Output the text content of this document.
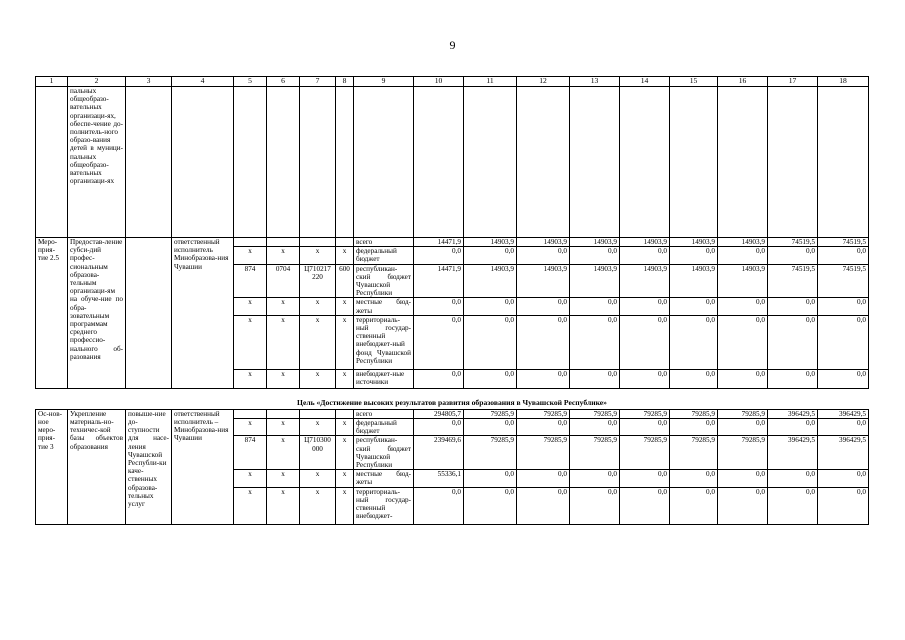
9
1	2	3	4	5	6	7	8	9	10	11	12	13	14	15	16	17	18
	пальных общеобразо-вательных организаци-ях, обеспе-чение до-полнитель-ного образо-вания детей в муници-пальных общеобразо-вательных организаци-ях																
Меро-прия-тие 2.5	Предостав-ление субси-дий профес-сиональным образова-тельным организаци-ям на обуче-ние по обра-зовательным программам среднего профессио-нального об-разования		ответственный исполнитель Минобразова-ния Чувашии					всего	14471,9	14903,9	14903,9	14903,9	14903,9	14903,9	14903,9	74519,5	74519,5
				x	x	x	x	федеральный бюджет	0,0	0,0	0,0	0,0	0,0	0,0	0,0	0,0	0,0
				874	0704	Ц710217 220	600	республикан-ский бюджет Чувашской Республики	14471,9	14903,9	14903,9	14903,9	14903,9	14903,9	14903,9	74519,5	74519,5
				x	x	x	x	местные бюд-жеты	0,0	0,0	0,0	0,0	0,0	0,0	0,0	0,0	0,0
				x	x	x	x	территориаль-ный государ-ственный внебюджет-ный фонд Чувашской Республики	0,0	0,0	0,0	0,0	0,0	0,0	0,0	0,0	0,0
				x	x	x	x	внебюджет-ные источники	0,0	0,0	0,0	0,0	0,0	0,0	0,0	0,0	0,0
Цель «Достижение высоких результатов развития образования в Чувашской Республике»																	
Ос-нов-ное меро-прия-тие 3	Укрепление материаль-но-техничес-кой базы объектов образования	повыше-ние до-ступности для насе-ления Чувашской Республи-ки каче-ственных образова-тельных услуг	ответственный исполнитель – Минобразова-ния Чувашии					всего	294805,7	79285,9	79285,9	79285,9	79285,9	79285,9	79285,9	396429,5	396429,5
				x	x	x	x	федеральный бюджет	0,0	0,0	0,0	0,0	0,0	0,0	0,0	0,0	0,0
				874	x	Ц710300 000	x	республикан-ский бюджет Чувашской Республики	239469,6	79285,9	79285,9	79285,9	79285,9	79285,9	79285,9	396429,5	396429,5
				x	x	x	x	местные бюд-жеты	55336,1	0,0	0,0	0,0	0,0	0,0	0,0	0,0	0,0
				x	x	x	x	территориаль-ный государ-ственный внебюджет-	0,0	0,0	0,0	0,0	0,0	0,0	0,0	0,0	0,0
